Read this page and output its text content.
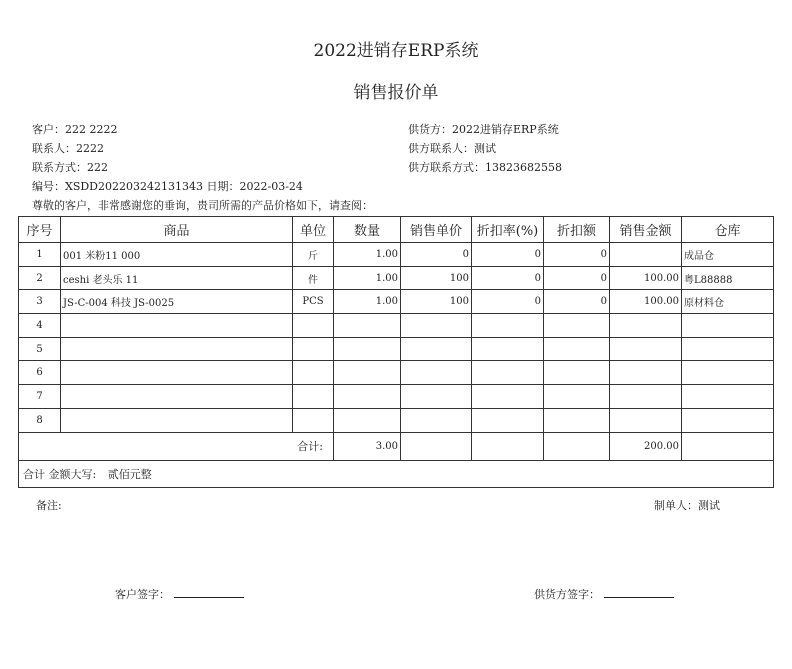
2022进销存ERP系统
销售报价单
客户：222 2222
联系人：2222
联系方式：222
编号：XSDD202203242131343 日期：2022-03-24
供货方：2022进销存ERP系统
供方联系人：测试
供方联系方式：13823682558
尊敬的客户，非常感谢您的垂询，贵司所需的产品价格如下，请查阅：
序号	商品	单位	数量	销售单价	折扣率(%)	折扣额	销售金额	仓库
1	001 米粉11 000	斤	1.00	0	0	0		成品仓
2	ceshi 老头乐 11	件	1.00	100	0	0	100.00	粤L88888
3	JS-C-004 科技 JS-0025	PCS	1.00	100	0	0	100.00	原材料仓
4								
5								
6								
7								
8								
合计:			3.00				200.00	
合计 金额大写: 贰佰元整								
备注:	制单人：测试
客户签字：	供货方签字：
